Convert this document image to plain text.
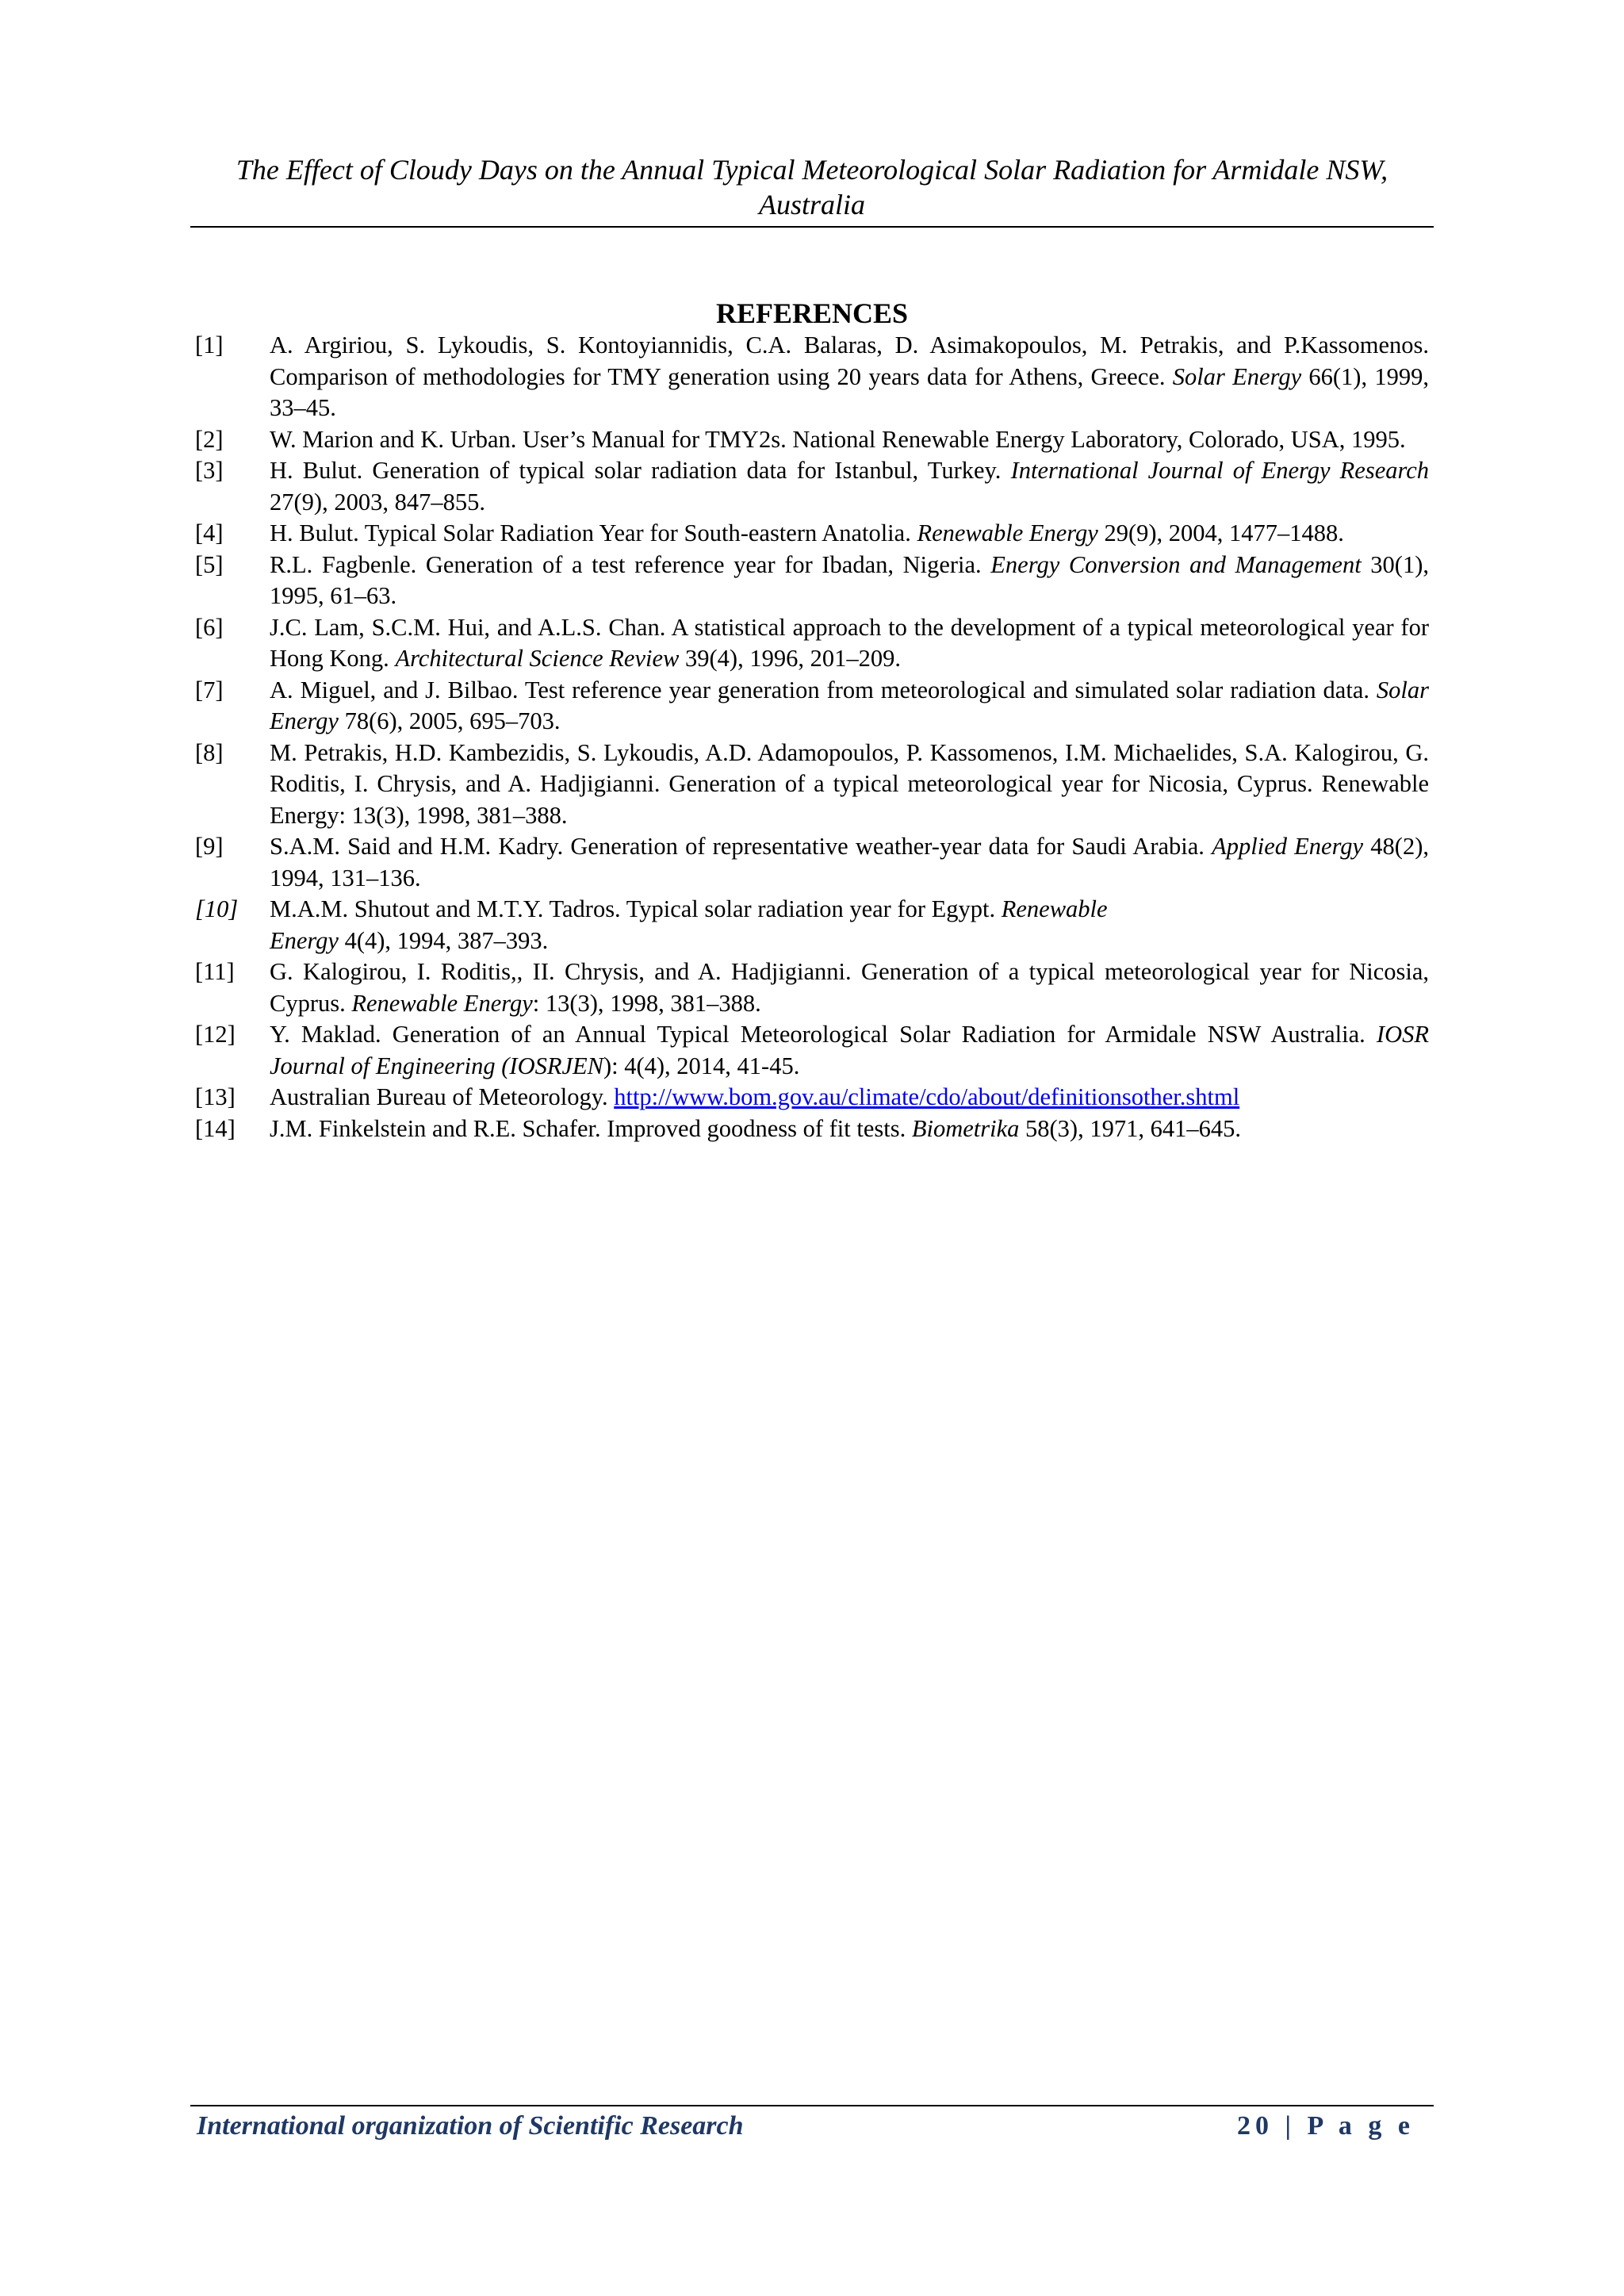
The Effect of Cloudy Days on the Annual Typical Meteorological Solar Radiation for Armidale NSW,
Australia
REFERENCES
[1] A. Argiriou, S. Lykoudis, S. Kontoyiannidis, C.A. Balaras, D. Asimakopoulos, M. Petrakis, and P.Kassomenos. Comparison of methodologies for TMY generation using 20 years data for Athens, Greece. Solar Energy 66(1), 1999, 33–45.
[2] W. Marion and K. Urban. User’s Manual for TMY2s. National Renewable Energy Laboratory, Colorado, USA, 1995.
[3] H. Bulut. Generation of typical solar radiation data for Istanbul, Turkey. International Journal of Energy Research 27(9), 2003, 847–855.
[4] H. Bulut. Typical Solar Radiation Year for South-eastern Anatolia. Renewable Energy 29(9), 2004, 1477–1488.
[5] R.L. Fagbenle. Generation of a test reference year for Ibadan, Nigeria. Energy Conversion and Management 30(1), 1995, 61–63.
[6] J.C. Lam, S.C.M. Hui, and A.L.S. Chan. A statistical approach to the development of a typical meteorological year for Hong Kong. Architectural Science Review 39(4), 1996, 201–209.
[7] A. Miguel, and J. Bilbao. Test reference year generation from meteorological and simulated solar radiation data. Solar Energy 78(6), 2005, 695–703.
[8] M. Petrakis, H.D. Kambezidis, S. Lykoudis, A.D. Adamopoulos, P. Kassomenos, I.M. Michaelides, S.A. Kalogirou, G. Roditis, I. Chrysis, and A. Hadjigianni. Generation of a typical meteorological year for Nicosia, Cyprus. Renewable Energy: 13(3), 1998, 381–388.
[9] S.A.M. Said and H.M. Kadry. Generation of representative weather-year data for Saudi Arabia. Applied Energy 48(2), 1994, 131–136.
[10] M.A.M. Shutout and M.T.Y. Tadros. Typical solar radiation year for Egypt. Renewable
Energy 4(4), 1994, 387–393.
[11] G. Kalogirou, I. Roditis,, II. Chrysis, and A. Hadjigianni. Generation of a typical meteorological year for Nicosia, Cyprus. Renewable Energy: 13(3), 1998, 381–388.
[12] Y. Maklad. Generation of an Annual Typical Meteorological Solar Radiation for Armidale NSW Australia. IOSR Journal of Engineering (IOSRJEN): 4(4), 2014, 41-45.
[13] Australian Bureau of Meteorology. http://www.bom.gov.au/climate/cdo/about/definitionsother.shtml
[14] J.M. Finkelstein and R.E. Schafer. Improved goodness of fit tests. Biometrika 58(3), 1971, 641–645.
International organization of Scientific Research	20 | P a g e
